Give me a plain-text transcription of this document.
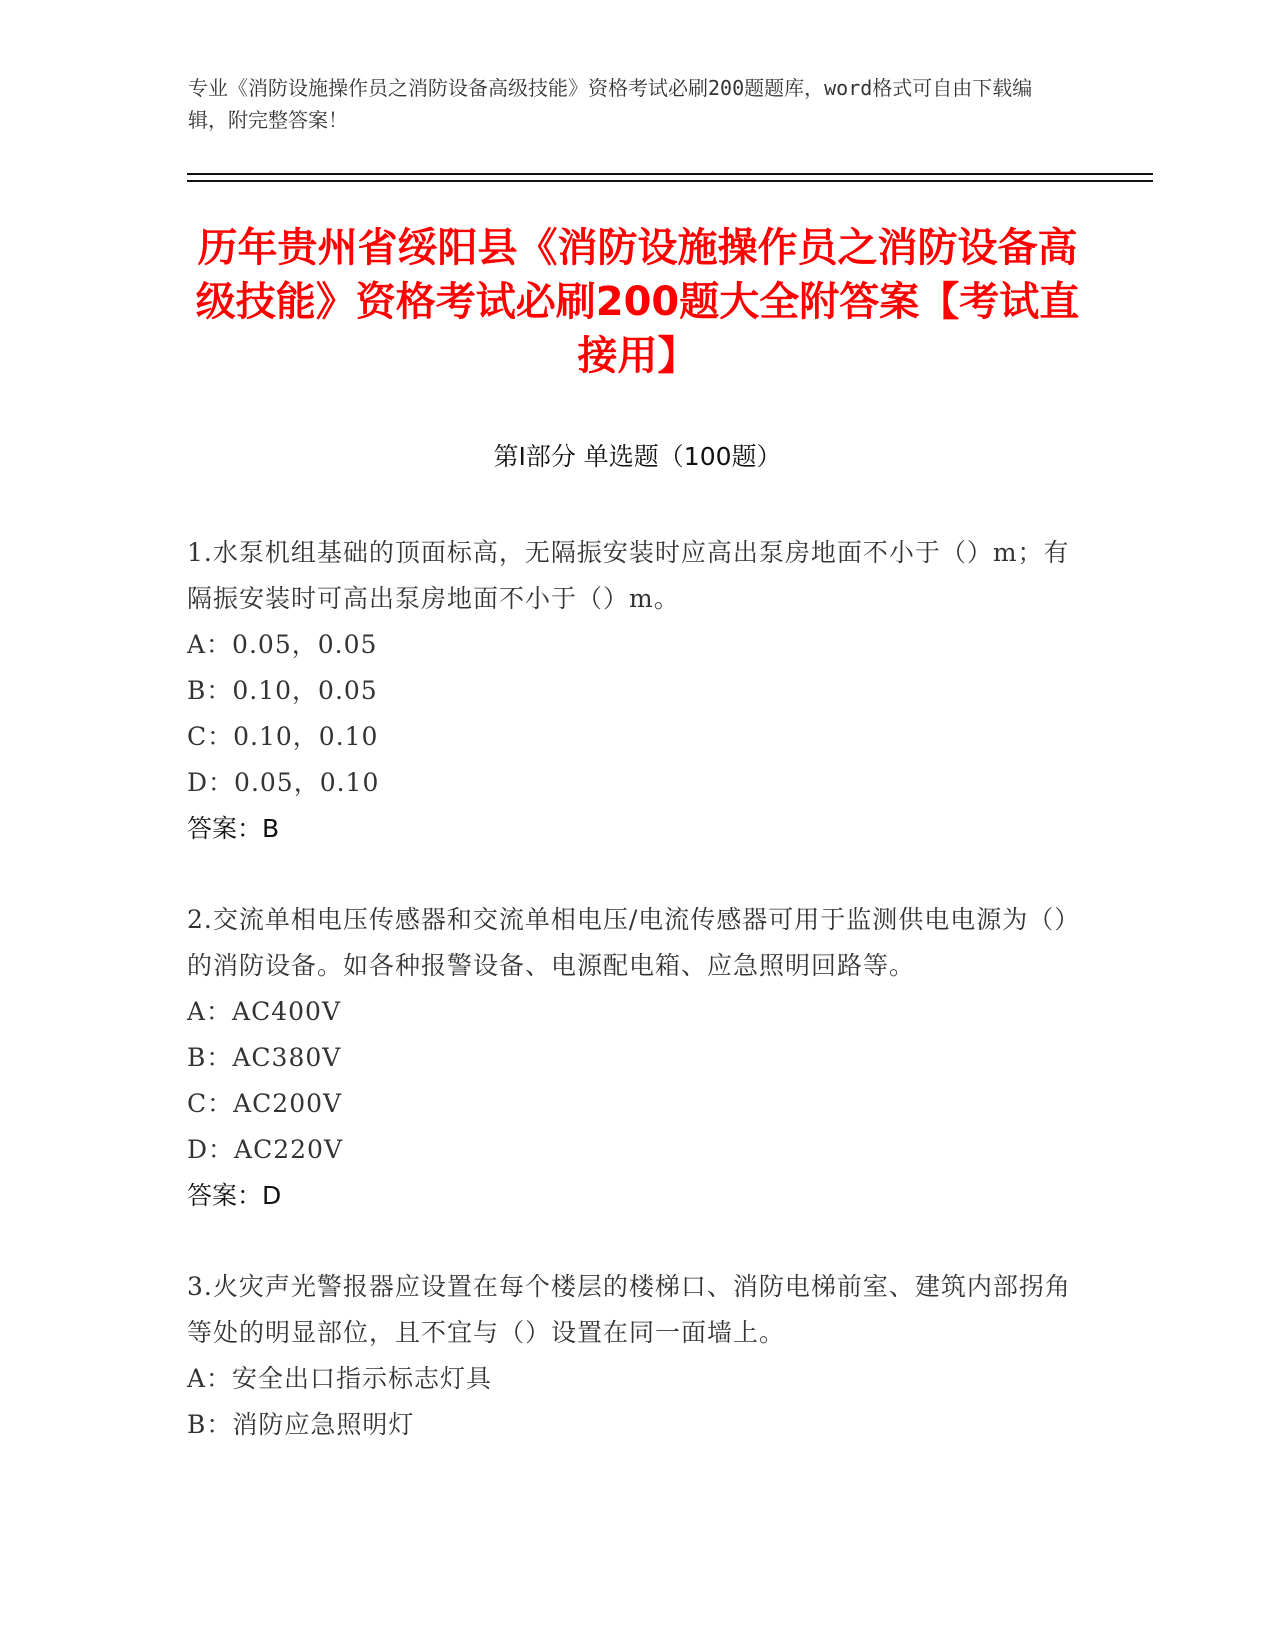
专业《消防设施操作员之消防设备高级技能》资格考试必刷200题题库，word格式可自由下载编辑，附完整答案！
历年贵州省绥阳县《消防设施操作员之消防设备高级技能》资格考试必刷200题大全附答案【考试直接用】
第Ⅰ部分 单选题（100题）
1.水泵机组基础的顶面标高，无隔振安装时应高出泵房地面不小于（）m；有隔振安装时可高出泵房地面不小于（）m。
A：0.05，0.05
B：0.10，0.05
C：0.10，0.10
D：0.05，0.10
答案：B
2.交流单相电压传感器和交流单相电压/电流传感器可用于监测供电电源为（）的消防设备。如各种报警设备、电源配电箱、应急照明回路等。
A：AC400V
B：AC380V
C：AC200V
D：AC220V
答案：D
3.火灾声光警报器应设置在每个楼层的楼梯口、消防电梯前室、建筑内部拐角等处的明显部位，且不宜与（）设置在同一面墙上。
A：安全出口指示标志灯具
B：消防应急照明灯
